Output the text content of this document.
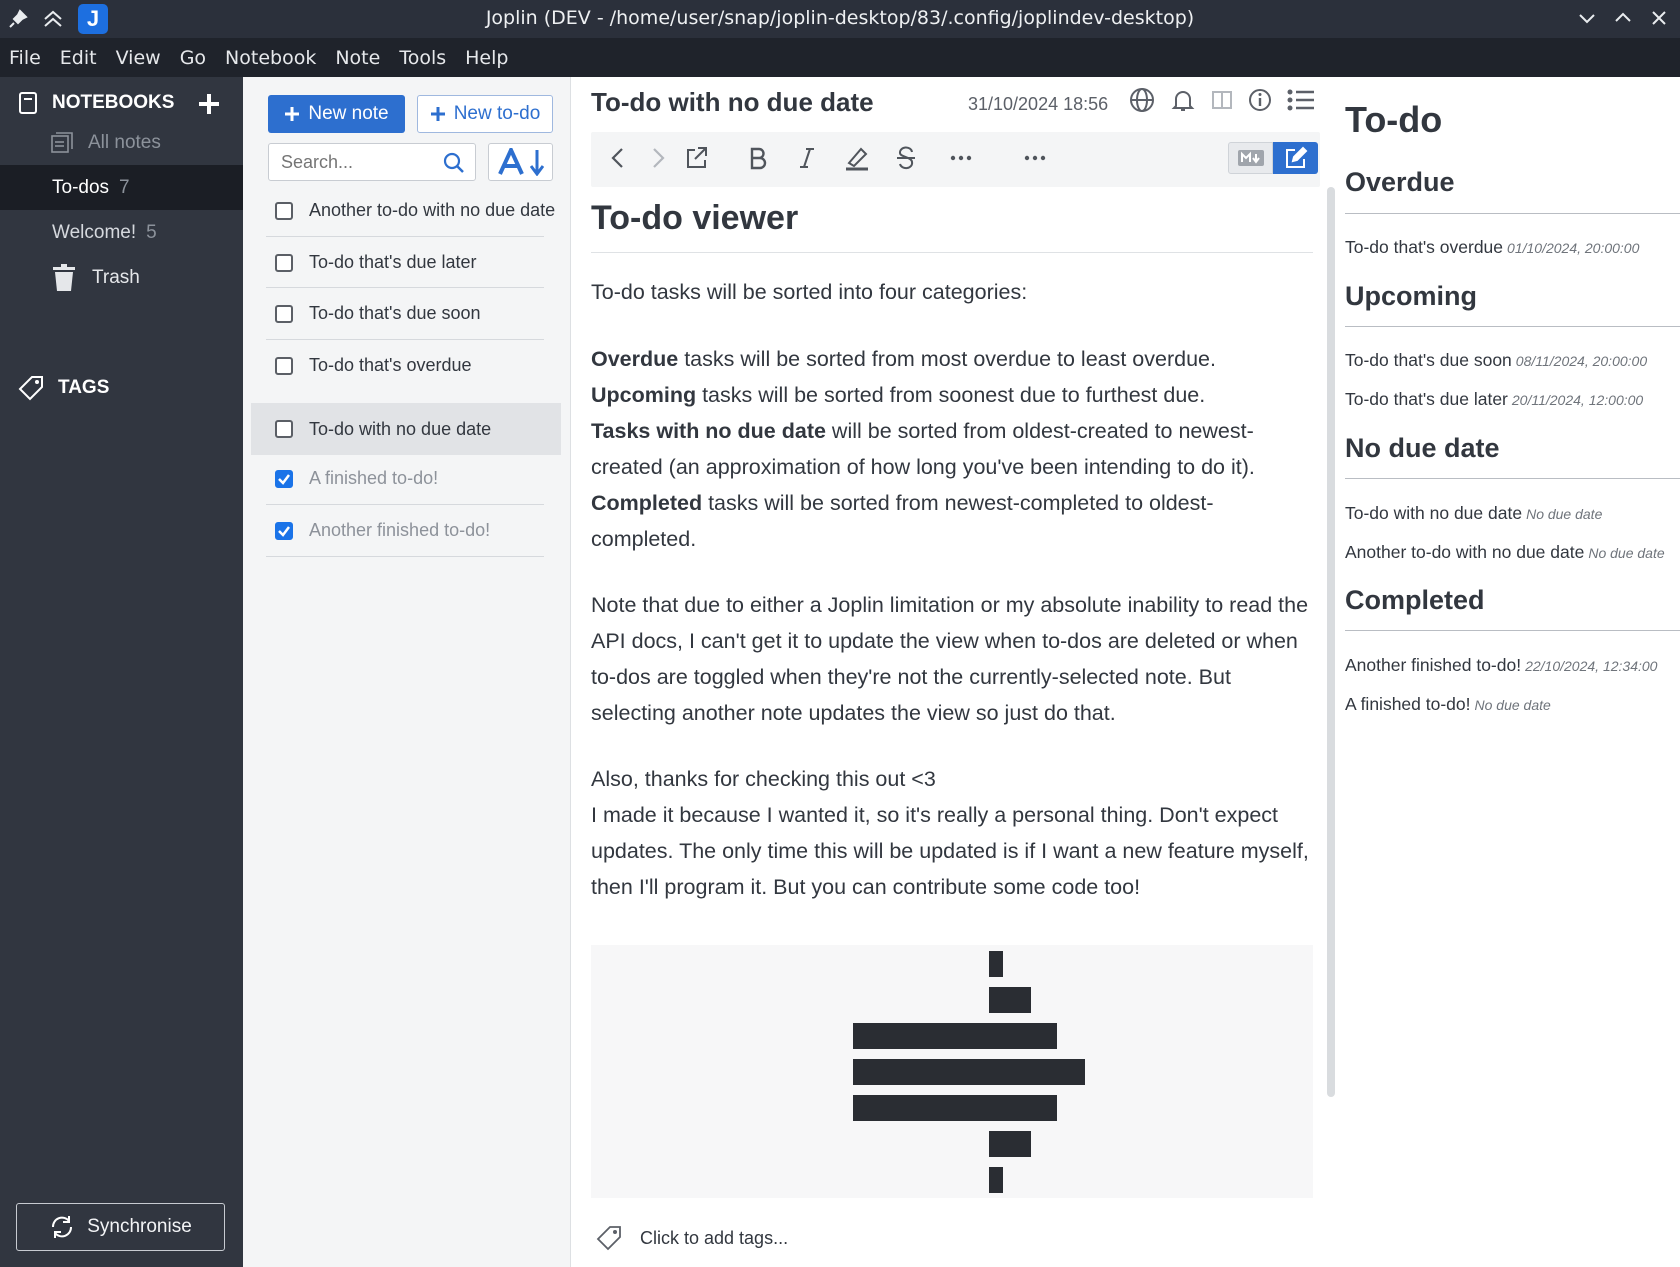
J	Joplin (DEV - /home/user/snap/joplin-desktop/83/.config/joplindev-desktop)
File	Edit	View	Go	Notebook	Note	Tools	Help
NOTEBOOKS
All notes
To-dos 7
Welcome! 5
Trash
TAGS
Synchronise
New note	New to-do
Search...
Another to-do with no due date
To-do that's due later
To-do that's due soon
To-do that's overdue
To-do with no due date
A finished to-do!
Another finished to-do!
To-do with no due date	31/10/2024 18:56
To-do viewer

To-do tasks will be sorted into four categories:

Overdue tasks will be sorted from most overdue to least overdue.
Upcoming tasks will be sorted from soonest due to furthest due.
Tasks with no due date will be sorted from oldest-created to newest-created (an approximation of how long you've been intending to do it).
Completed tasks will be sorted from newest-completed to oldest-completed.

Note that due to either a Joplin limitation or my absolute inability to read the API docs, I can't get it to update the view when to-dos are deleted or when to-dos are toggled when they're not the currently-selected note. But selecting another note updates the view so just do that.

Also, thanks for checking this out <3

I made it because I wanted it, so it's really a personal thing. Don't expect updates. The only time this will be updated is if I want a new feature myself, then I'll program it. But you can contribute some code too!

Click to add tags...
To-do
Overdue
To-do that's overdue 01/10/2024, 20:00:00
Upcoming
To-do that's due soon 08/11/2024, 20:00:00
To-do that's due later 20/11/2024, 12:00:00
No due date
To-do with no due date No due date
Another to-do with no due date No due date
Completed
Another finished to-do! 22/10/2024, 12:34:00
A finished to-do! No due date
